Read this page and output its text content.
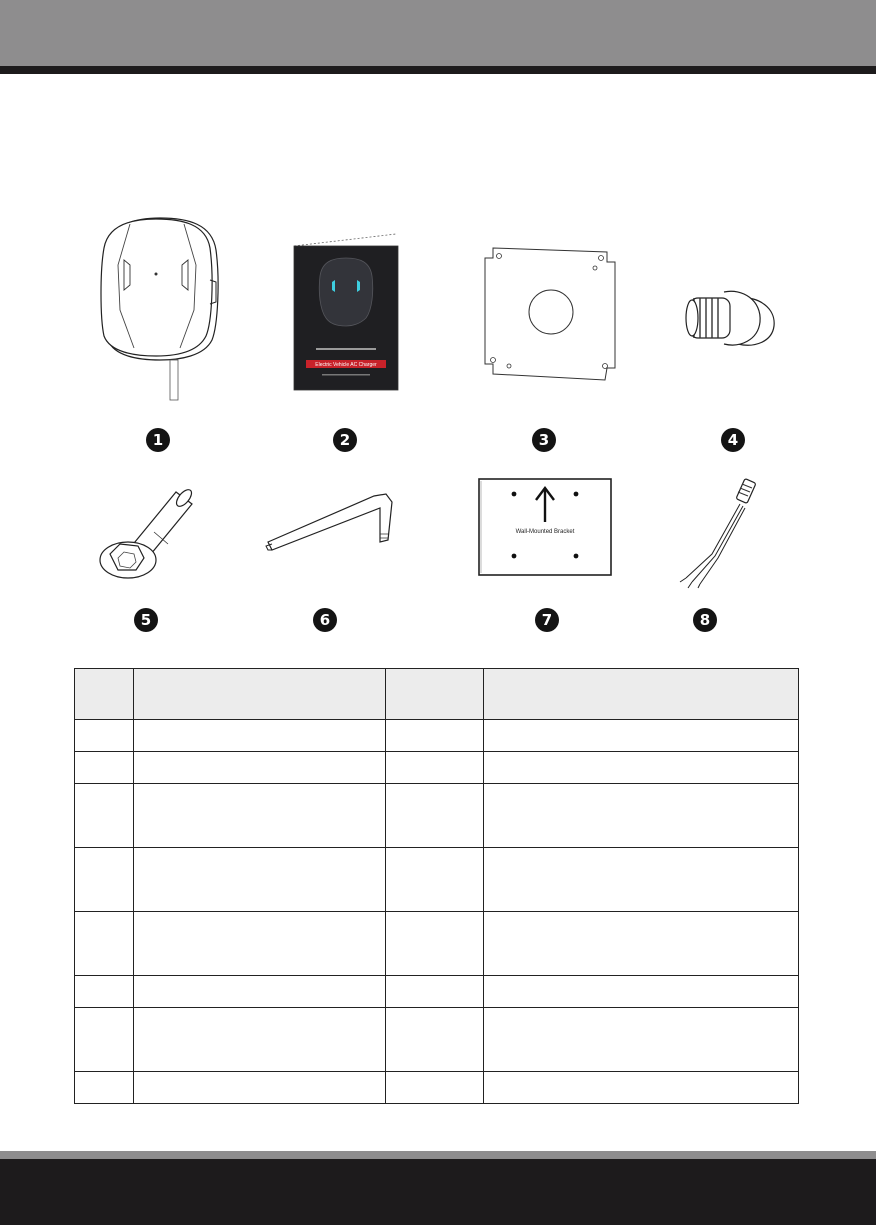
1
Electric Vehicle AC Charger
2	3	4
5	6
Wall-Mounted Bracket
7	8
